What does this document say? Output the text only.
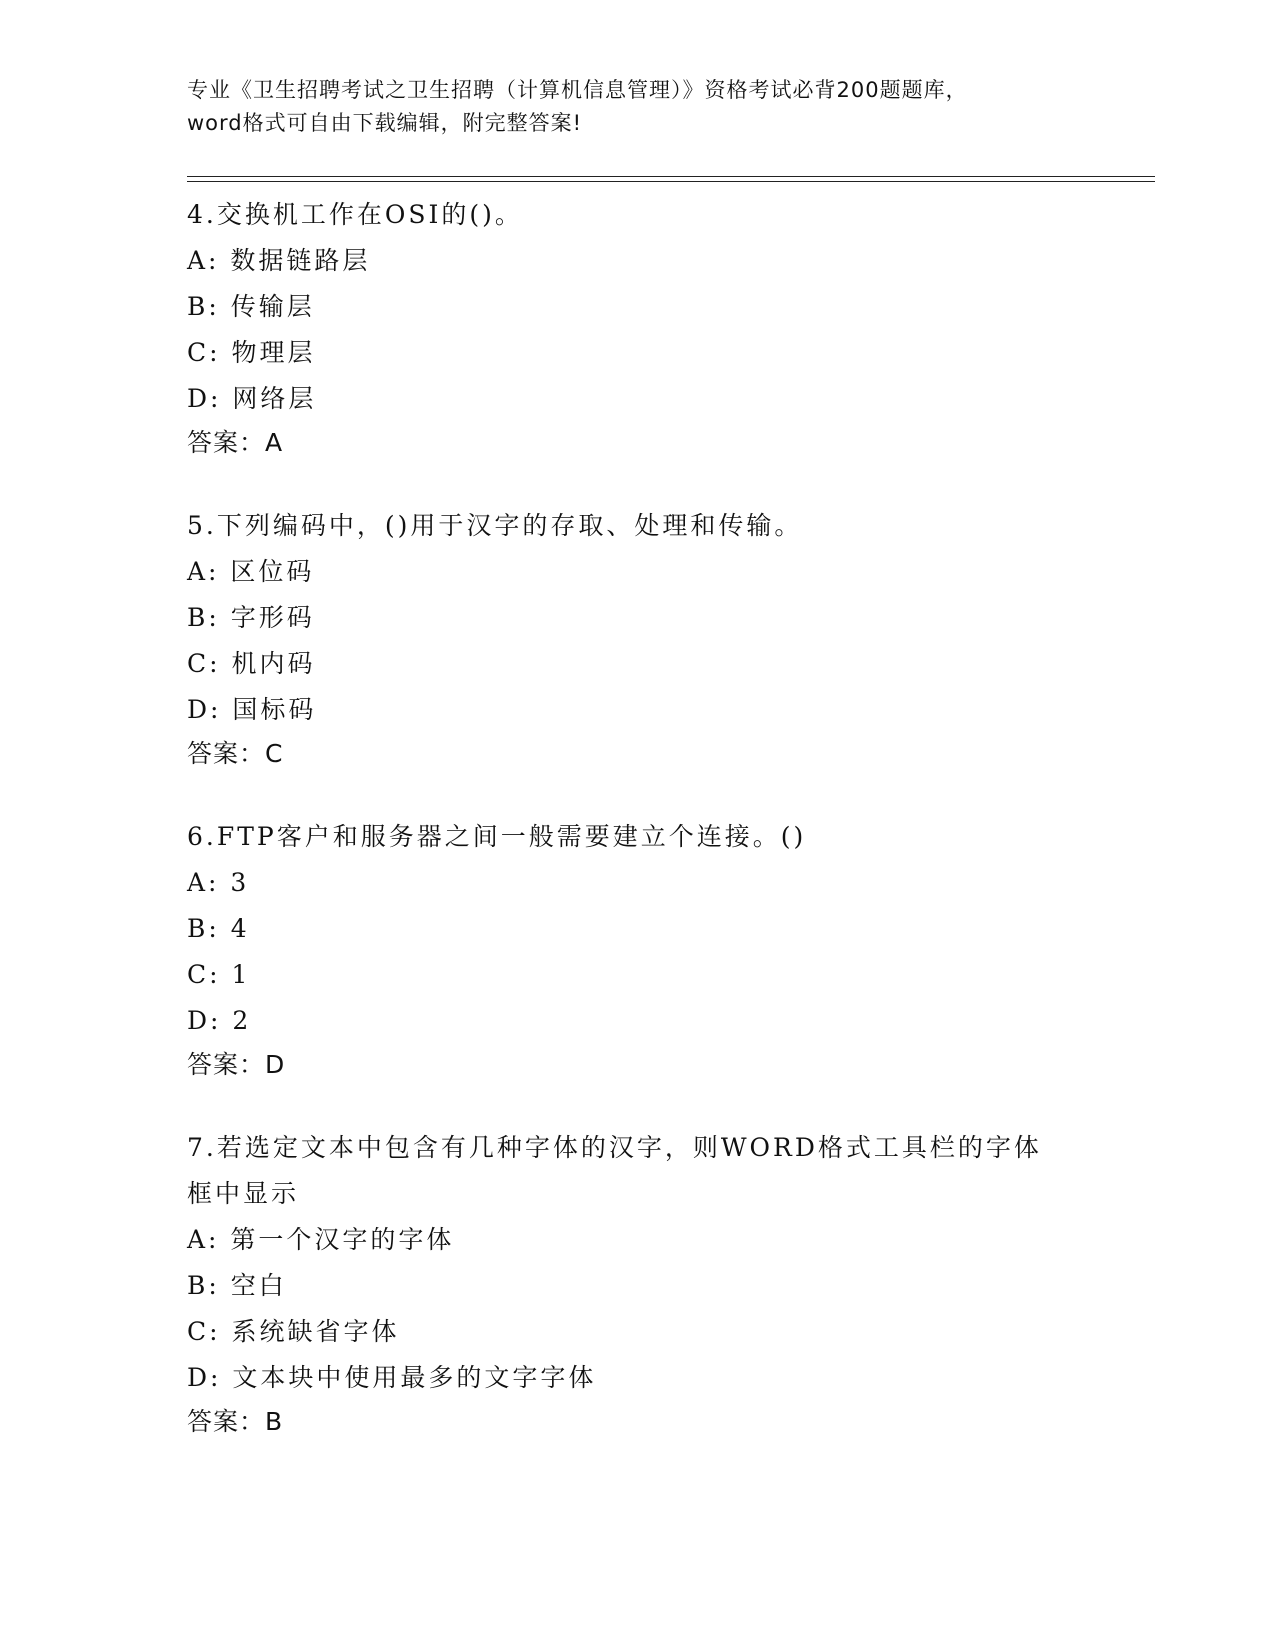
专业《卫生招聘考试之卫生招聘（计算机信息管理）》资格考试必背200题题库，
word格式可自由下载编辑，附完整答案!
4.交换机工作在OSI的()。
A: 数据链路层
B: 传输层
C: 物理层
D: 网络层
答案：A
5.下列编码中，()用于汉字的存取、处理和传输。
A: 区位码
B: 字形码
C: 机内码
D: 国标码
答案：C
6.FTP客户和服务器之间一般需要建立个连接。()
A: 3
B: 4
C: 1
D: 2
答案：D
7.若选定文本中包含有几种字体的汉字，则WORD格式工具栏的字体框中显示
A: 第一个汉字的字体
B: 空白
C: 系统缺省字体
D: 文本块中使用最多的文字字体
答案：B
